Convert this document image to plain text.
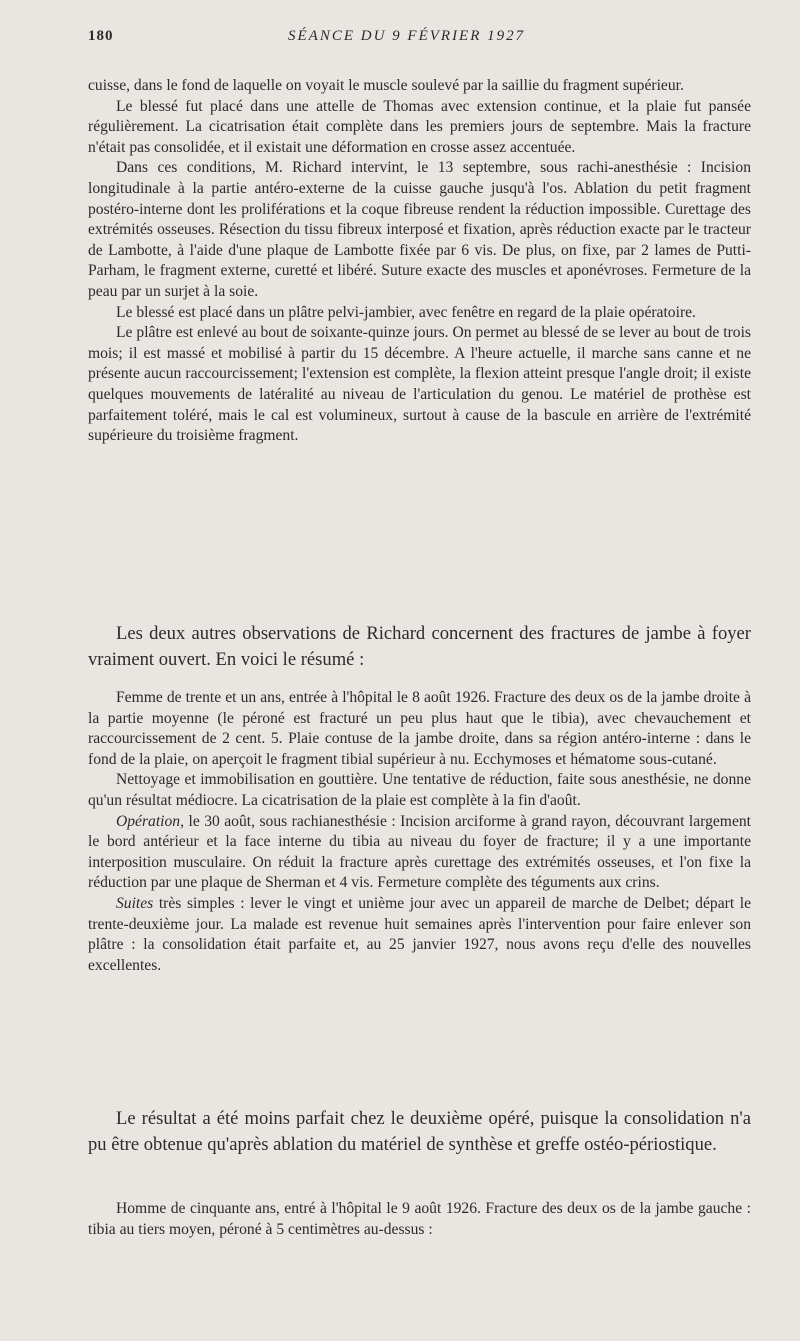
180	SÉANCE DU 9 FÉVRIER 1927

cuisse, dans le fond de laquelle on voyait le muscle soulevé par la saillie du fragment supérieur.

Le blessé fut placé dans une attelle de Thomas avec extension continue, et la plaie fut pansée régulièrement. La cicatrisation était complète dans les premiers jours de septembre. Mais la fracture n'était pas consolidée, et il existait une déformation en crosse assez accentuée.

Dans ces conditions, M. Richard intervint, le 13 septembre, sous rachi-anesthésie : Incision longitudinale à la partie antéro-externe de la cuisse gauche jusqu'à l'os. Ablation du petit fragment postéro-interne dont les proliférations et la coque fibreuse rendent la réduction impossible. Curettage des extrémités osseuses. Résection du tissu fibreux interposé et fixation, après réduction exacte par le tracteur de Lambotte, à l'aide d'une plaque de Lambotte fixée par 6 vis. De plus, on fixe, par 2 lames de Putti-Parham, le fragment externe, curetté et libéré. Suture exacte des muscles et aponévroses. Fermeture de la peau par un surjet à la soie.

Le blessé est placé dans un plâtre pelvi-jambier, avec fenêtre en regard de la plaie opératoire.

Le plâtre est enlevé au bout de soixante-quinze jours. On permet au blessé de se lever au bout de trois mois; il est massé et mobilisé à partir du 15 décembre. A l'heure actuelle, il marche sans canne et ne présente aucun raccourcissement; l'extension est complète, la flexion atteint presque l'angle droit; il existe quelques mouvements de latéralité au niveau de l'articulation du genou. Le matériel de prothèse est parfaitement toléré, mais le cal est volumineux, surtout à cause de la bascule en arrière de l'extrémité supérieure du troisième fragment.

Les deux autres observations de Richard concernent des fractures de jambe à foyer vraiment ouvert. En voici le résumé :

Femme de trente et un ans, entrée à l'hôpital le 8 août 1926. Fracture des deux os de la jambe droite à la partie moyenne (le péroné est fracturé un peu plus haut que le tibia), avec chevauchement et raccourcissement de 2 cent. 5. Plaie contuse de la jambe droite, dans sa région antéro-interne : dans le fond de la plaie, on aperçoit le fragment tibial supérieur à nu. Ecchymoses et hématome sous-cutané.

Nettoyage et immobilisation en gouttière. Une tentative de réduction, faite sous anesthésie, ne donne qu'un résultat médiocre. La cicatrisation de la plaie est complète à la fin d'août.

Opération, le 30 août, sous rachianesthésie : Incision arciforme à grand rayon, découvrant largement le bord antérieur et la face interne du tibia au niveau du foyer de fracture; il y a une importante interposition musculaire. On réduit la fracture après curettage des extrémités osseuses, et l'on fixe la réduction par une plaque de Sherman et 4 vis. Fermeture complète des téguments aux crins.

Suites très simples : lever le vingt et unième jour avec un appareil de marche de Delbet; départ le trente-deuxième jour. La malade est revenue huit semaines après l'intervention pour faire enlever son plâtre : la consolidation était parfaite et, au 25 janvier 1927, nous avons reçu d'elle des nouvelles excellentes.

Le résultat a été moins parfait chez le deuxième opéré, puisque la consolidation n'a pu être obtenue qu'après ablation du matériel de synthèse et greffe ostéo-périostique.

Homme de cinquante ans, entré à l'hôpital le 9 août 1926. Fracture des deux os de la jambe gauche : tibia au tiers moyen, péroné à 5 centimètres au-dessus :
